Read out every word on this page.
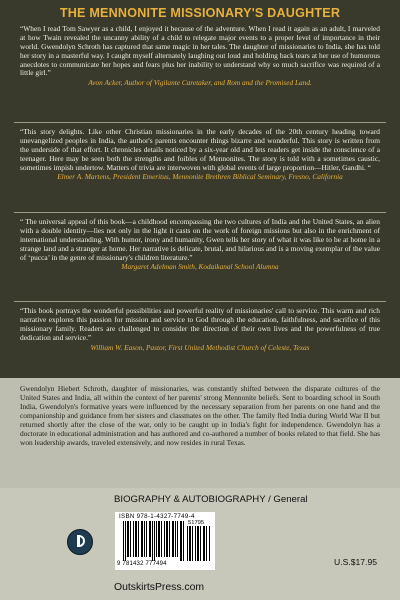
THE MENNONITE MISSIONARY'S DAUGHTER

“When I read Tom Sawyer as a child, I enjoyed it because of the adventure. When I read it again as an adult, I marveled at how Twain revealed the uncanny ability of a child to relegate major events to a proper level of importance in their world. Gwendolyn Schroth has captured that same magic in her tales. The daughter of missionaries to India, she has told her story in a masterful way. I caught myself alternately laughing out loud and holding back tears at her use of humorous anecdotes to communicate her hopes and fears plus her inability to understand why so much sacrifice was required of a little girl.”

Avon Acker, Author of Vigilante Caretaker, and Rom and the Promised Land.

“This story delights. Like other Christian missionaries in the early decades of the 20th century heading toward unevangelized peoples in India, the author's parents encounter things bizarre and wonderful. This story is written from the underside of that effort. It chronicles details noticed by a six-year old and lets readers get inside the conscience of a teenager. Here may be seen both the strengths and foibles of Mennonites. The story is told with a sometimes caustic, sometimes impish undertow. Matters of trivia are interwoven with global events of large proportion—Hitler, Gandhi. “

Elmer A. Martens, President Emeritus, Mennonite Brethren Biblical Seminary, Fresno, California

“ The universal appeal of this book—a childhood encompassing the two cultures of India and the United States, an alien with a double identity—lies not only in the light it casts on the work of foreign missions but also in the enrichment of international understanding. With humor, irony and humanity, Gwen tells her story of what it was like to be at home in a strange land and a stranger at home. Her narrative is delicate, brutal, and hilarious and is a moving exemplar of the value of ‘pucca’ in the genre of missionary's children literature.”

Margaret Adelman Smith, Kodaikanal School Alumna

“This book portrays the wonderful possibilities and powerful reality of missionaries' call to service. This warm and rich narrative explores this passion for mission and service to God through the education, faithfulness, and sacrifice of this missionary family. Readers are challenged to consider the direction of their own lives and the powerfulness of true dedication and service.”

William W. Eason, Pastor, First United Methodist Church of Celeste, Texas

Gwendolyn Hiebert Schroth, daughter of missionaries, was constantly shifted between the disparate cultures of the United States and India, all within the context of her parents' strong Mennonite beliefs. Sent to boarding school in South India, Gwendolyn's formative years were influenced by the necessary separation from her parents on one hand and the companionship and guidance from her sisters and classmates on the other. The family fled India during World War II but returned shortly after the close of the war, only to be caught up in India's fight for independence. Gwendolyn has a doctorate in educational administration and has authored and co-authored a number of books related to that field. She has won leadership awards, traveled extensively, and now resides in rural Texas.

BIOGRAPHY & AUTOBIOGRAPHY / General
ISBN 978-1-4327-7749-4
51795
9 781432 777494	U.S.$17.95
OutskirtsPress.com
